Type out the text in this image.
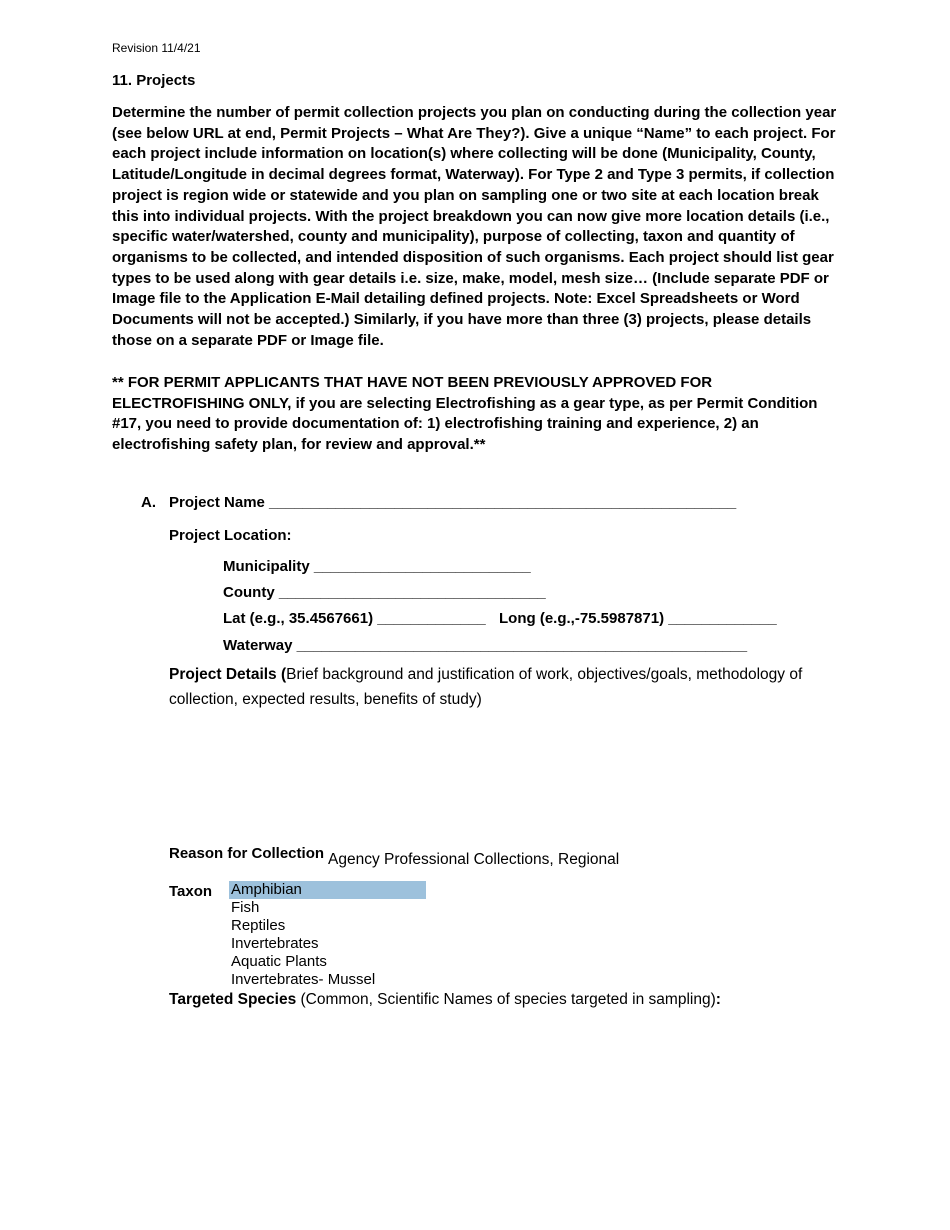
Revision 11/4/21
11. Projects
Determine the number of permit collection projects you plan on conducting during the collection year (see below URL at end, Permit Projects – What Are They?). Give a unique “Name” to each project. For each project include information on location(s) where collecting will be done (Municipality, County, Latitude/Longitude in decimal degrees format, Waterway). For Type 2 and Type 3 permits, if collection project is region wide or statewide and you plan on sampling one or two site at each location break this into individual projects. With the project breakdown you can now give more location details (i.e., specific water/watershed, county and municipality), purpose of collecting, taxon and quantity of organisms to be collected, and intended disposition of such organisms. Each project should list gear types to be used along with gear details i.e. size, make, model, mesh size… (Include separate PDF or Image file to the Application E-Mail detailing defined projects. Note: Excel Spreadsheets or Word Documents will not be accepted.) Similarly, if you have more than three (3) projects, please details those on a separate PDF or Image file.
** FOR PERMIT APPLICANTS THAT HAVE NOT BEEN PREVIOUSLY APPROVED FOR ELECTROFISHING ONLY, if you are selecting Electrofishing as a gear type, as per Permit Condition #17, you need to provide documentation of: 1) electrofishing training and experience, 2) an electrofishing safety plan, for review and approval.**
A. Project Name ________________________________________________________
Project Location:
Municipality __________________________
County ________________________________
Lat (e.g., 35.4567661) _____________ Long (e.g.,-75.5987871) _____________
Waterway ______________________________________________________
Project Details (Brief background and justification of work, objectives/goals, methodology of collection, expected results, benefits of study)
Reason for Collection Agency Professional Collections, Regional
Taxon Amphibian
Fish
Reptiles
Invertebrates
Aquatic Plants
Invertebrates- Mussel
Targeted Species (Common, Scientific Names of species targeted in sampling):
